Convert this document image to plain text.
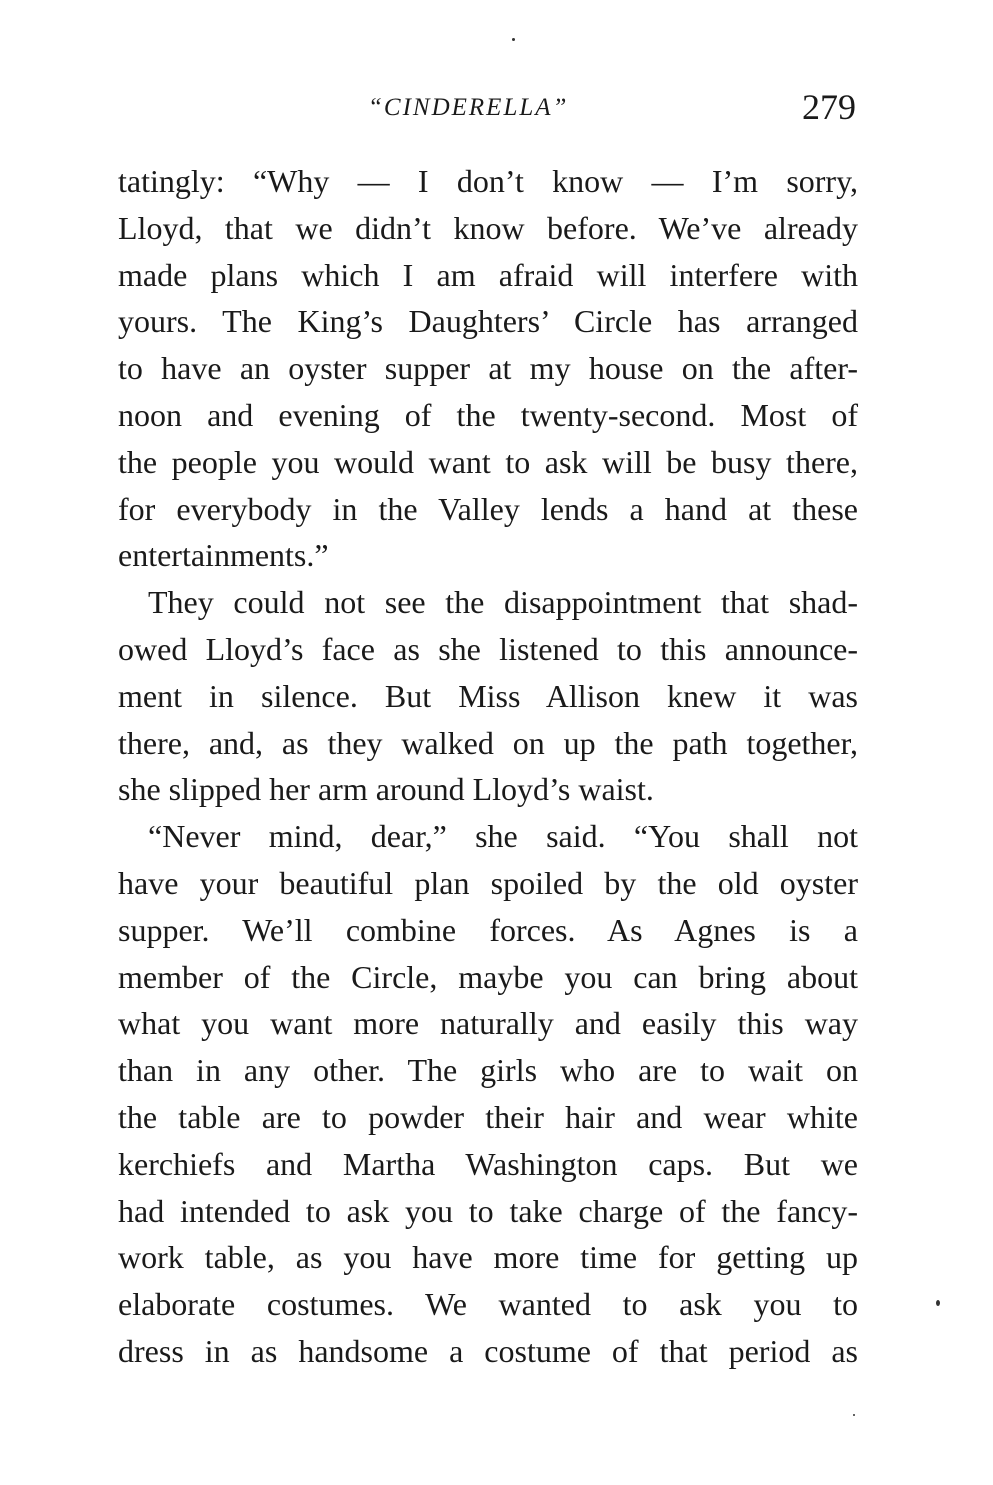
“CINDERELLA”	279
tatingly: “Why — I don’t know — I’m sorry,
Lloyd, that we didn’t know before. We’ve already
made plans which I am afraid will interfere with
yours. The King’s Daughters’ Circle has arranged
to have an oyster supper at my house on the after-
noon and evening of the twenty-second. Most of
the people you would want to ask will be busy there,
for everybody in the Valley lends a hand at these
entertainments.”
They could not see the disappointment that shad-
owed Lloyd’s face as she listened to this announce-
ment in silence. But Miss Allison knew it was
there, and, as they walked on up the path together,
she slipped her arm around Lloyd’s waist.
“Never mind, dear,” she said. “You shall not
have your beautiful plan spoiled by the old oyster
supper. We’ll combine forces. As Agnes is a
member of the Circle, maybe you can bring about
what you want more naturally and easily this way
than in any other. The girls who are to wait on
the table are to powder their hair and wear white
kerchiefs and Martha Washington caps. But we
had intended to ask you to take charge of the fancy-
work table, as you have more time for getting up
elaborate costumes. We wanted to ask you to
dress in as handsome a costume of that period as
